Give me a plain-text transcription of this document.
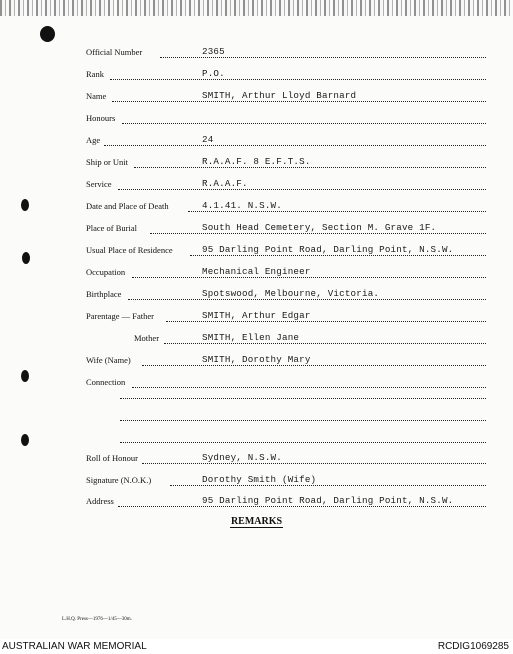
Official Number	2365
Rank	P.O.
Name	SMITH, Arthur Lloyd Barnard
Honours
Age	24
Ship or Unit	R.A.A.F. 8 E.F.T.S.
Service	R.A.A.F.
Date and Place of Death	4.1.41. N.S.W.
Place of Burial	South Head Cemetery, Section M. Grave 1F.
Usual Place of Residence	95 Darling Point Road, Darling Point, N.S.W.
Occupation	Mechanical Engineer
Birthplace	Spotswood, Melbourne, Victoria.
Parentage — Father	SMITH, Arthur Edgar
Mother	SMITH, Ellen Jane
Wife (Name)	SMITH, Dorothy Mary
Connection
Roll of Honour	Sydney, N.S.W.
Signature (N.O.K.)	Dorothy Smith (Wife)
Address	95 Darling Point Road, Darling Point, N.S.W.
REMARKS
L.H.Q. Press—1976—1/45—30m.
AUSTRALIAN WAR MEMORIAL	RCDIG1069285
